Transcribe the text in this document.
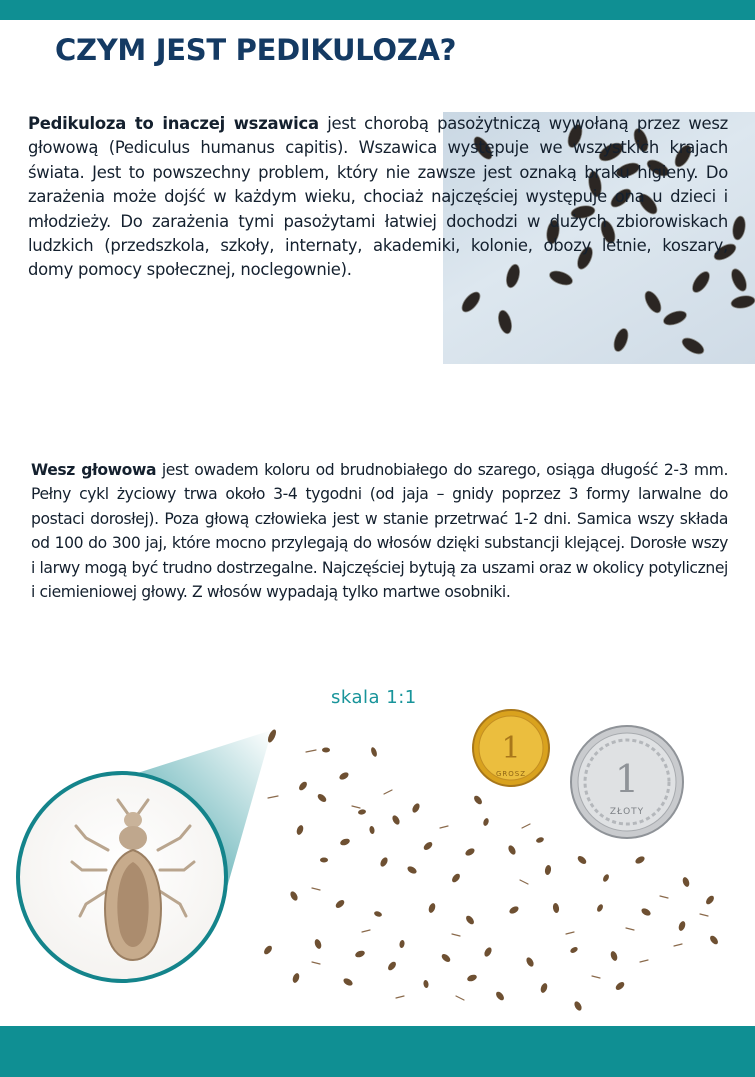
CZYM JEST PEDIKULOZA?

Pedikuloza to inaczej wszawica jest chorobą pasożytniczą wywołaną przez wesz głowową (Pediculus humanus capitis). Wszawica występuje we wszystkich krajach świata. Jest to powszechny problem, który nie zawsze jest oznaką braku higieny. Do zarażenia może dojść w każdym wieku, chociaż najczęściej występuje ona u dzieci i młodzieży. Do zarażenia tymi pasożytami łatwiej dochodzi w dużych zbiorowiskach ludzkich (przedszkola, szkoły, internaty, akademiki, kolonie, obozy letnie, koszary, domy pomocy społecznej, noclegownie).

Wesz głowowa jest owadem koloru od brudnobiałego do szarego, osiąga długość 2-3 mm. Pełny cykl życiowy trwa około 3-4 tygodni (od jaja – gnidy poprzez 3 formy larwalne do postaci dorosłej). Poza głową człowieka jest w stanie przetrwać 1-2 dni. Samica wszy składa od 100 do 300 jaj, które mocno przylegają do włosów dzięki substancji klejącej. Dorosłe wszy i larwy mogą być trudno dostrzegalne. Najczęściej bytują za uszami oraz w okolicy potylicznej i ciemieniowej głowy. Z włosów wypadają tylko martwe osobniki.

skala 1:1
1
GROSZ 1
ZŁOTY
